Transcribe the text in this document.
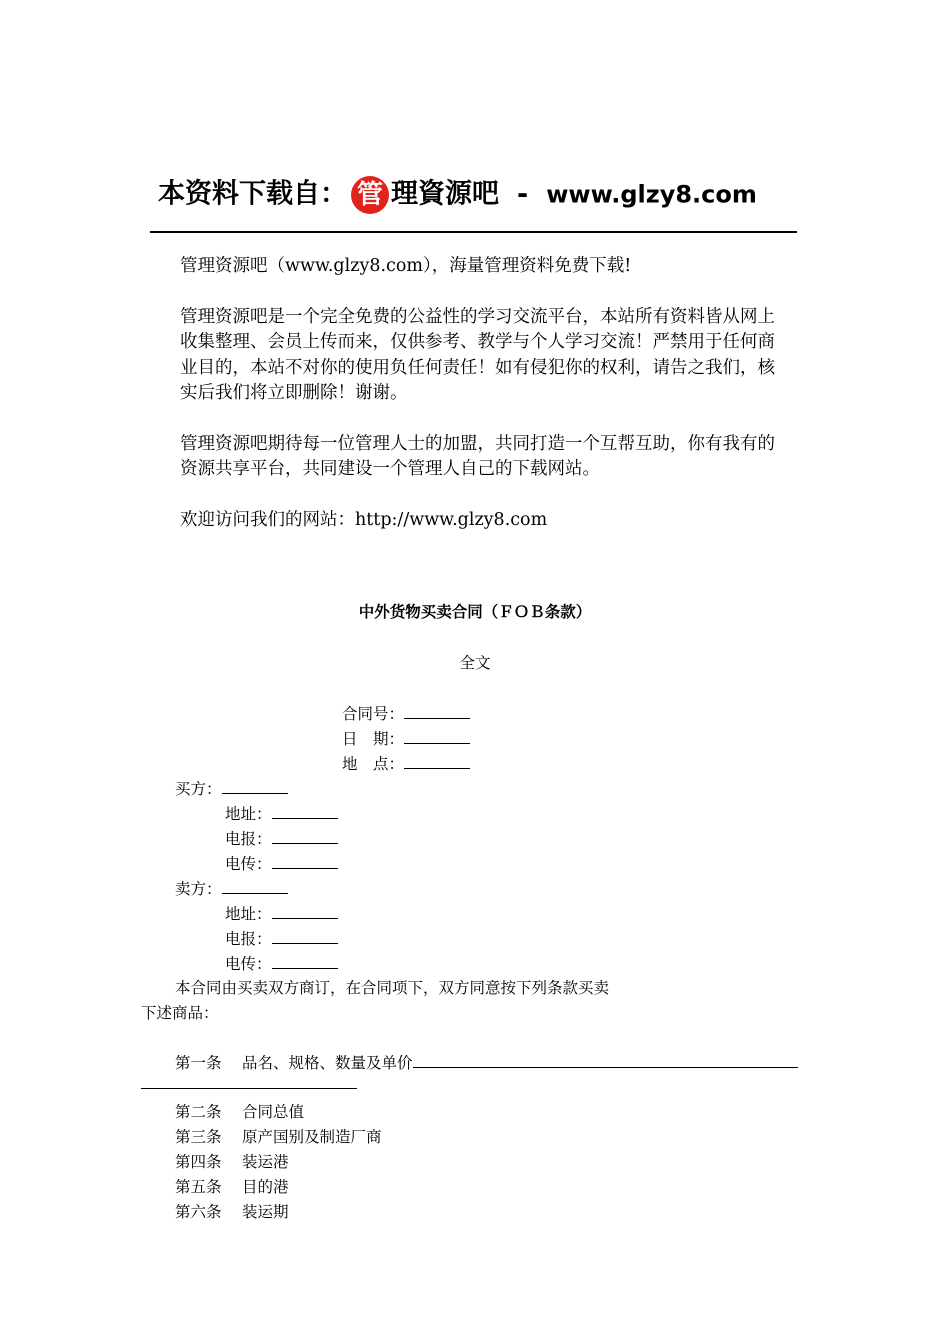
本资料下载自： 管 理資源吧 - www.glzy8.com

管理资源吧（www.glzy8.com），海量管理资料免费下载!

管理资源吧是一个完全免费的公益性的学习交流平台，本站所有资料皆从网上收集整理、会员上传而来，仅供参考、教学与个人学习交流！严禁用于任何商业目的，本站不对你的使用负任何责任！如有侵犯你的权利，请告之我们，核实后我们将立即删除！谢谢。

管理资源吧期待每一位管理人士的加盟，共同打造一个互帮互助，你有我有的资源共享平台，共同建设一个管理人自己的下载网站。

欢迎访问我们的网站：http://www.glzy8.com

中外货物买卖合同（ＦＯＢ条款）
全文
合同号：
日　期：
地　点：
买方：
地址：
电报：
电传：
卖方：
地址：
电报：
电传：
本合同由买卖双方商订，在合同项下，双方同意按下列条款买卖
下述商品：
第一条 品名、规格、数量及单价
第二条 合同总值
第三条 原产国别及制造厂商
第四条 装运港
第五条 目的港
第六条 装运期
